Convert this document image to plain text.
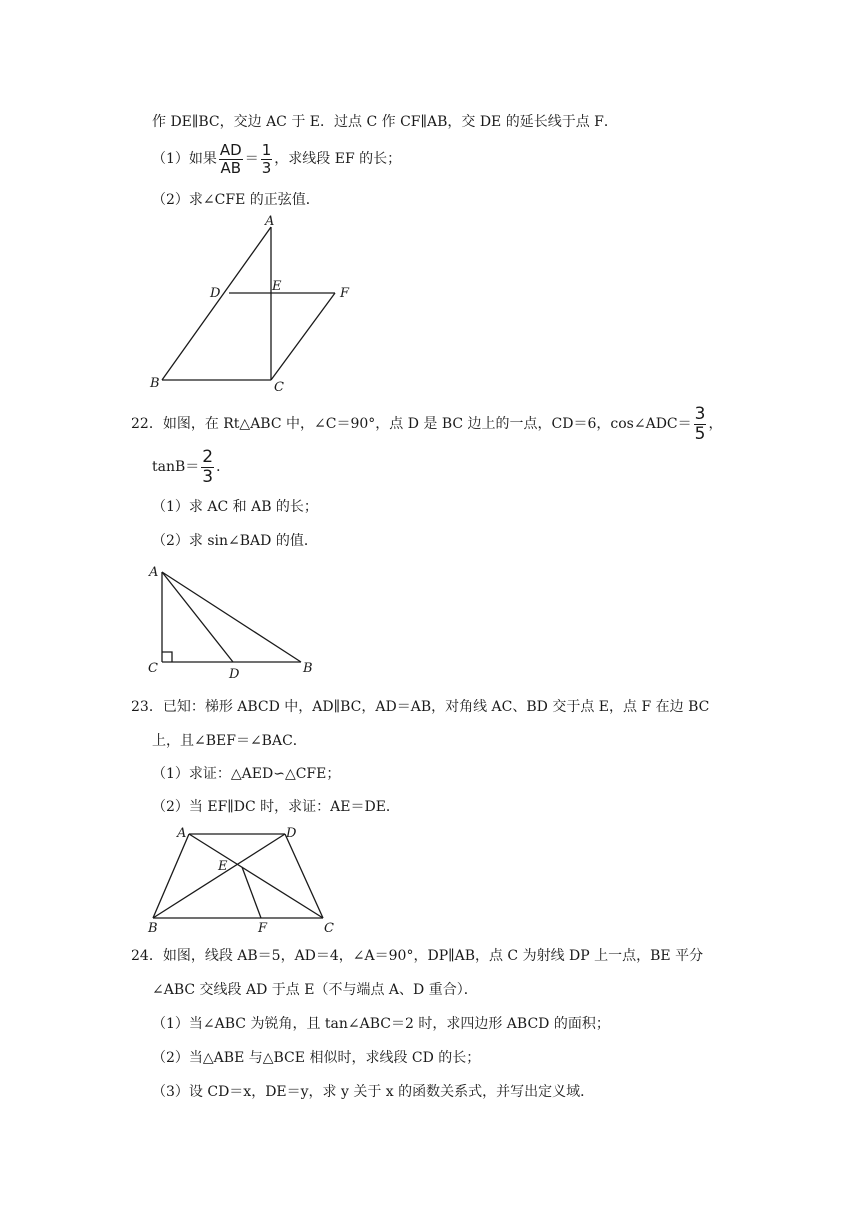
作 DE∥BC，交边 AC 于 E．过点 C 作 CF∥AB，交 DE 的延长线于点 F．
（1）如果 $\frac{AD}{AB} = \frac{1}{3}$ ，求线段 EF 的长；
（2）求∠CFE 的正弦值．
A
D	E	F
B	C
22．如图，在 Rt△ABC 中，∠C＝90°，点 D 是 BC 边上的一点，CD＝6，cos∠ADC＝ $\frac{3}{5}$ ，
$\tan B= \frac{2}{3}$ ．
（1）求 AC 和 AB 的长；
（2）求 sin∠BAD 的值．
A
C	D	B
23．已知：梯形 ABCD 中，AD∥BC，AD＝AB，对角线 AC、BD 交于点 E，点 F 在边 BC
上，且∠BEF＝∠BAC．
（1）求证：△AED∽△CFE；
（2）当 EF∥DC 时，求证：AE＝DE．
A	D
E
B	F	C
24．如图，线段 AB＝5，AD＝4，∠A＝90°，DP∥AB，点 C 为射线 DP 上一点，BE 平分
∠ABC 交线段 AD 于点 E（不与端点 A、D 重合）．
（1）当∠ABC 为锐角，且 tan∠ABC＝2 时，求四边形 ABCD 的面积；
（2）当△ABE 与△BCE 相似时，求线段 CD 的长；
（3）设 CD＝x，DE＝y，求 y 关于 x 的函数关系式，并写出定义域．
